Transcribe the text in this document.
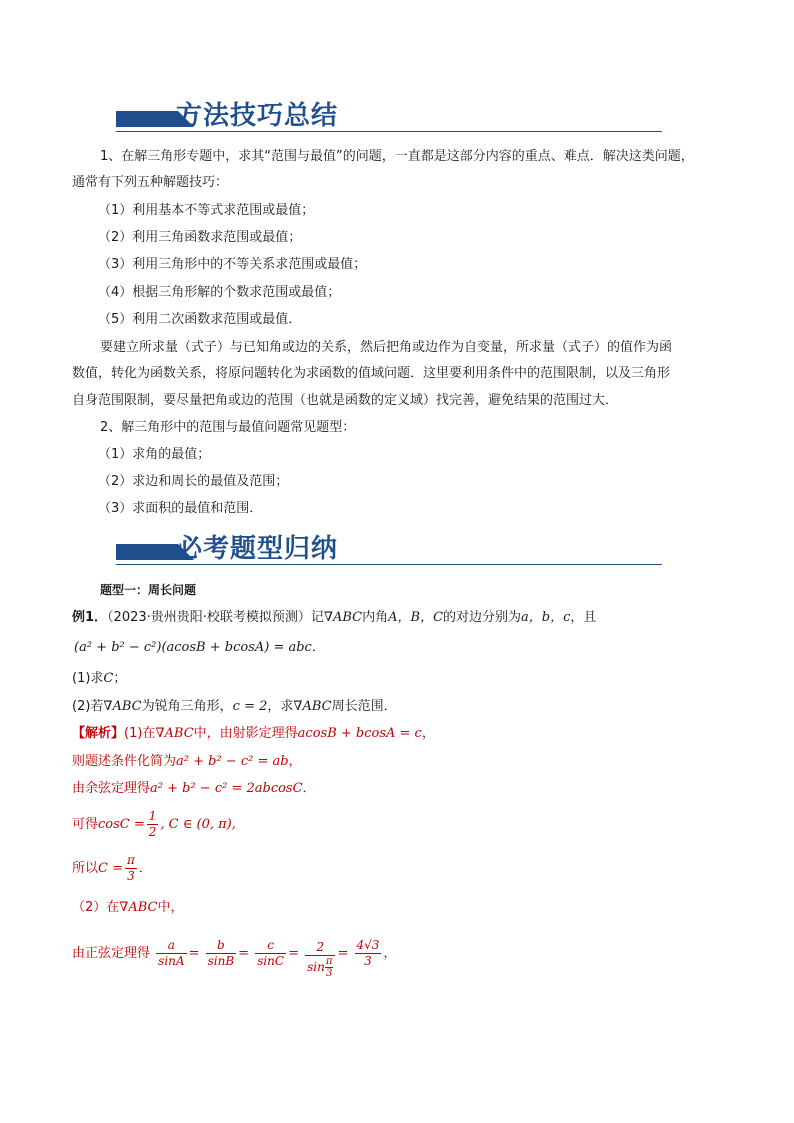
方法技巧总结
1、在解三角形专题中，求其“范围与最值”的问题，一直都是这部分内容的重点、难点．解决这类问题，
通常有下列五种解题技巧：
（1）利用基本不等式求范围或最值；
（2）利用三角函数求范围或最值；
（3）利用三角形中的不等关系求范围或最值；
（4）根据三角形解的个数求范围或最值；
（5）利用二次函数求范围或最值．
要建立所求量（式子）与已知角或边的关系，然后把角或边作为自变量，所求量（式子）的值作为函
数值，转化为函数关系，将原问题转化为求函数的值域问题．这里要利用条件中的范围限制，以及三角形
自身范围限制，要尽量把角或边的范围（也就是函数的定义域）找完善，避免结果的范围过大．
2、解三角形中的范围与最值问题常见题型：
（1）求角的最值；
（2）求边和周长的最值及范围；
（3）求面积的最值和范围．
必考题型归纳
题型一：周长问题
例1．（2023·贵州贵阳·校联考模拟预测）记∇ABC内角A，B，C的对边分别为a，b，c，且
(a² + b² − c²)(acosB + bcosA) = abc．
(1)求C；
(2)若∇ABC为锐角三角形，c = 2，求∇ABC周长范围．
【解析】(1)在∇ABC中，由射影定理得acosB + bcosA = c，
则题述条件化简为a² + b² − c² = ab，
由余弦定理得a² + b² − c² = 2abcosC．
可得$\cos C = \frac{1}{2}$ , C ∈ (0, π),
所以$C = \frac{\pi}{3}$ ．
（2）在∇ABC中，
由正弦定理得 $\frac{a}{\sin A} = \frac{b}{\sin B} = \frac{c}{\sin C} = \frac{2}{\sin \frac{\pi}{3}} = \frac{4√3}{3}$ ，
